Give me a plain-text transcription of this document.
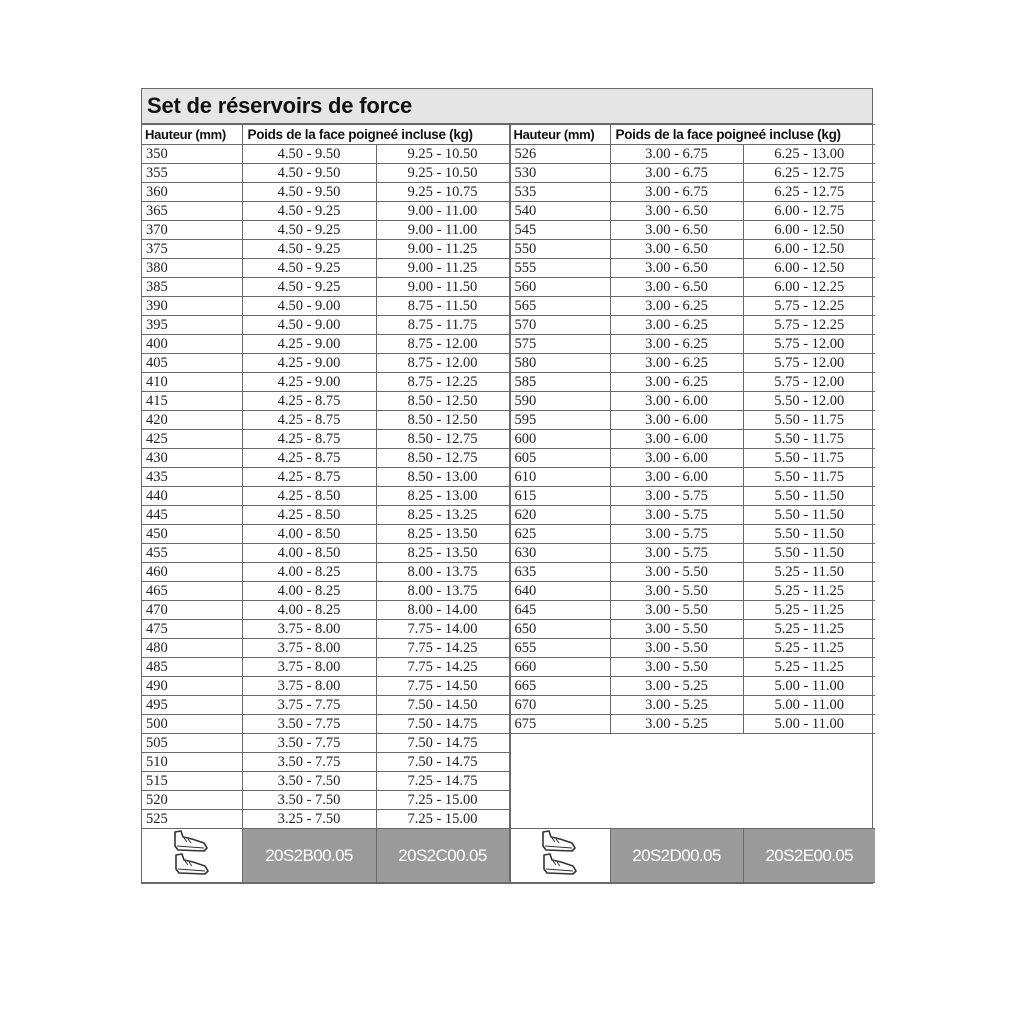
Set de réservoirs de force
Hauteur (mm)	Poids de la face poigneé incluse (kg)	
350	4.50 - 9.50	9.25 - 10.50
355	4.50 - 9.50	9.25 - 10.50
360	4.50 - 9.50	9.25 - 10.75
365	4.50 - 9.25	9.00 - 11.00
370	4.50 - 9.25	9.00 - 11.00
375	4.50 - 9.25	9.00 - 11.25
380	4.50 - 9.25	9.00 - 11.25
385	4.50 - 9.25	9.00 - 11.50
390	4.50 - 9.00	8.75 - 11.50
395	4.50 - 9.00	8.75 - 11.75
400	4.25 - 9.00	8.75 - 12.00
405	4.25 - 9.00	8.75 - 12.00
410	4.25 - 9.00	8.75 - 12.25
415	4.25 - 8.75	8.50 - 12.50
420	4.25 - 8.75	8.50 - 12.50
425	4.25 - 8.75	8.50 - 12.75
430	4.25 - 8.75	8.50 - 12.75
435	4.25 - 8.75	8.50 - 13.00
440	4.25 - 8.50	8.25 - 13.00
445	4.25 - 8.50	8.25 - 13.25
450	4.00 - 8.50	8.25 - 13.50
455	4.00 - 8.50	8.25 - 13.50
460	4.00 - 8.25	8.00 - 13.75
465	4.00 - 8.25	8.00 - 13.75
470	4.00 - 8.25	8.00 - 14.00
475	3.75 - 8.00	7.75 - 14.00
480	3.75 - 8.00	7.75 - 14.25
485	3.75 - 8.00	7.75 - 14.25
490	3.75 - 8.00	7.75 - 14.50
495	3.75 - 7.75	7.50 - 14.50
500	3.50 - 7.75	7.50 - 14.75
505	3.50 - 7.75	7.50 - 14.75
510	3.50 - 7.75	7.50 - 14.75
515	3.50 - 7.50	7.25 - 14.75
520	3.50 - 7.50	7.25 - 15.00
525	3.25 - 7.50	7.25 - 15.00
	20S2B00.05	20S2C00.05
Hauteur (mm)	Poids de la face poigneé incluse (kg)	
526	3.00 - 6.75	6.25 - 13.00
530	3.00 - 6.75	6.25 - 12.75
535	3.00 - 6.75	6.25 - 12.75
540	3.00 - 6.50	6.00 - 12.75
545	3.00 - 6.50	6.00 - 12.50
550	3.00 - 6.50	6.00 - 12.50
555	3.00 - 6.50	6.00 - 12.50
560	3.00 - 6.50	6.00 - 12.25
565	3.00 - 6.25	5.75 - 12.25
570	3.00 - 6.25	5.75 - 12.25
575	3.00 - 6.25	5.75 - 12.00
580	3.00 - 6.25	5.75 - 12.00
585	3.00 - 6.25	5.75 - 12.00
590	3.00 - 6.00	5.50 - 12.00
595	3.00 - 6.00	5.50 - 11.75
600	3.00 - 6.00	5.50 - 11.75
605	3.00 - 6.00	5.50 - 11.75
610	3.00 - 6.00	5.50 - 11.75
615	3.00 - 5.75	5.50 - 11.50
620	3.00 - 5.75	5.50 - 11.50
625	3.00 - 5.75	5.50 - 11.50
630	3.00 - 5.75	5.50 - 11.50
635	3.00 - 5.50	5.25 - 11.50
640	3.00 - 5.50	5.25 - 11.25
645	3.00 - 5.50	5.25 - 11.25
650	3.00 - 5.50	5.25 - 11.25
655	3.00 - 5.50	5.25 - 11.25
660	3.00 - 5.50	5.25 - 11.25
665	3.00 - 5.25	5.00 - 11.00
670	3.00 - 5.25	5.00 - 11.00
675	3.00 - 5.25	5.00 - 11.00

	20S2D00.05	20S2E00.05
